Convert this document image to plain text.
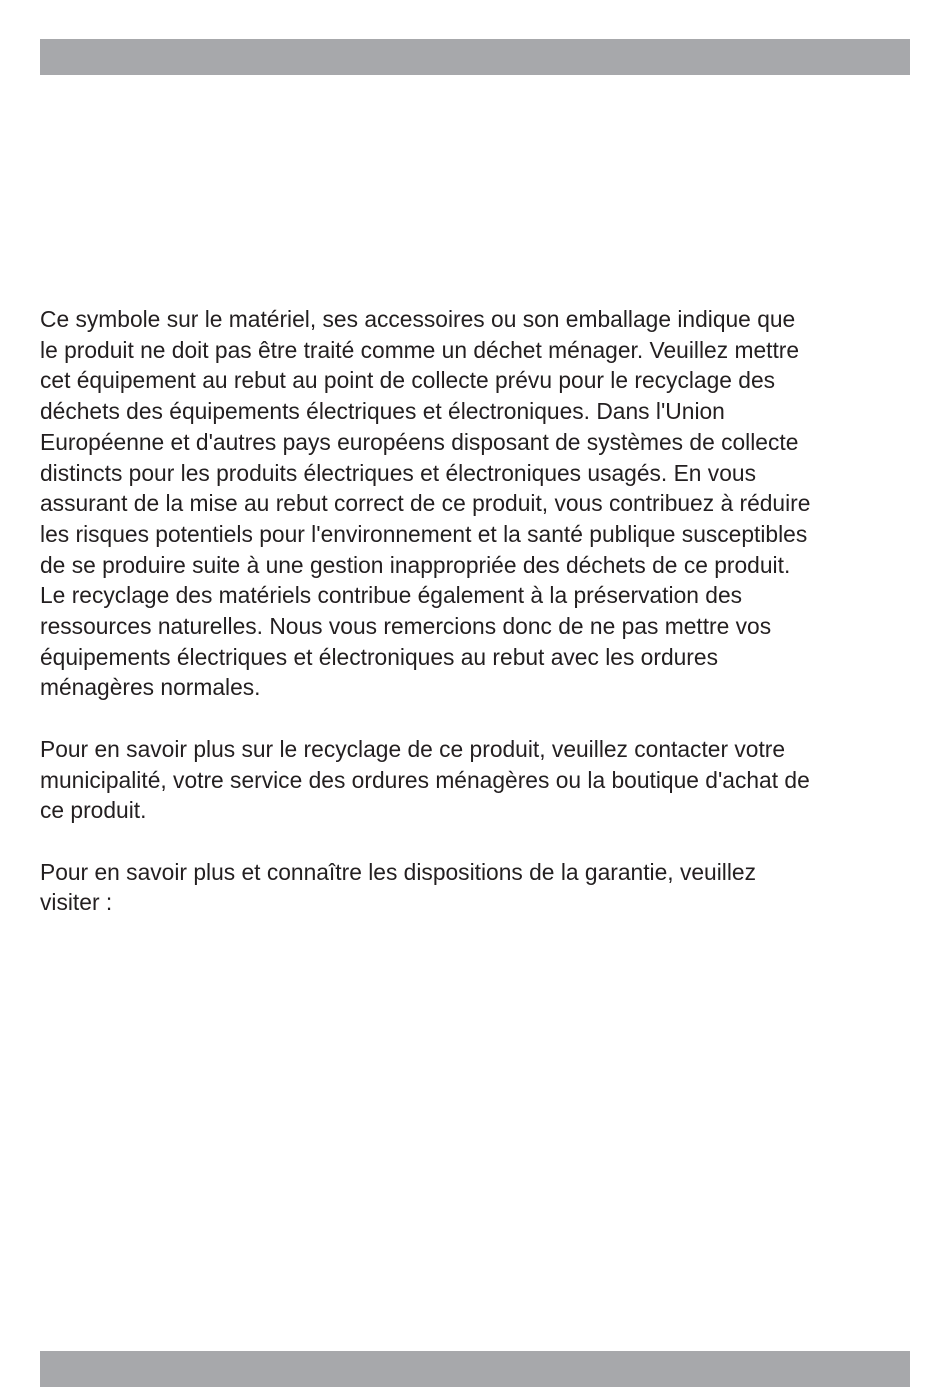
Ce symbole sur le matériel, ses accessoires ou son emballage indique que
le produit ne doit pas être traité comme un déchet ménager. Veuillez mettre
cet équipement au rebut au point de collecte prévu pour le recyclage des
déchets des équipements électriques et électroniques. Dans l'Union
Européenne et d'autres pays européens disposant de systèmes de collecte
distincts pour les produits électriques et électroniques usagés. En vous
assurant de la mise au rebut correct de ce produit, vous contribuez à réduire
les risques potentiels pour l'environnement et la santé publique susceptibles
de se produire suite à une gestion inappropriée des déchets de ce produit.
Le recyclage des matériels contribue également à la préservation des
ressources naturelles. Nous vous remercions donc de ne pas mettre vos
équipements électriques et électroniques au rebut avec les ordures
ménagères normales.

Pour en savoir plus sur le recyclage de ce produit, veuillez contacter votre
municipalité, votre service des ordures ménagères ou la boutique d'achat de
ce produit.

Pour en savoir plus et connaître les dispositions de la garantie, veuillez
visiter :
